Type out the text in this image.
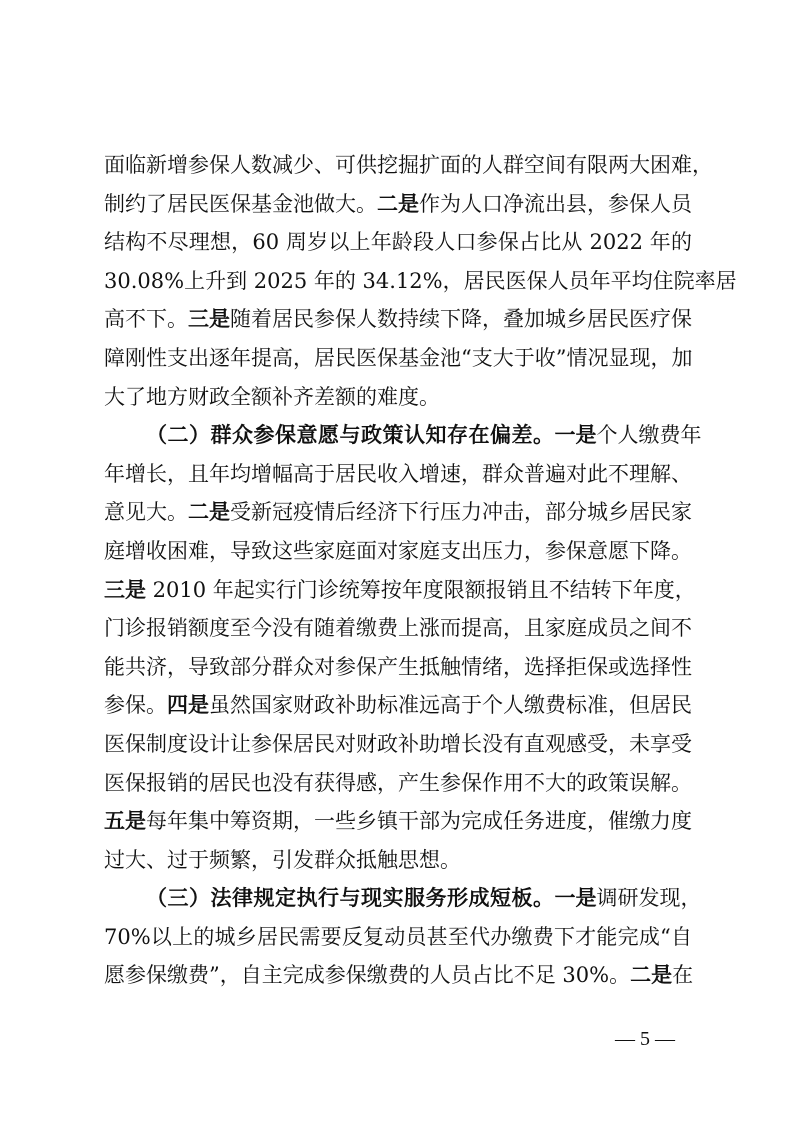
面临新增参保人数减少、可供挖掘扩面的人群空间有限两大困难，
制约了居民医保基金池做大。二是作为人口净流出县，参保人员
结构不尽理想，60 周岁以上年龄段人口参保占比从 2022 年的
30.08%上升到 2025 年的 34.12%，居民医保人员年平均住院率居
高不下。三是随着居民参保人数持续下降，叠加城乡居民医疗保
障刚性支出逐年提高，居民医保基金池“支大于收”情况显现，加
大了地方财政全额补齐差额的难度。
（二）群众参保意愿与政策认知存在偏差。一是个人缴费年
年增长，且年均增幅高于居民收入增速，群众普遍对此不理解、
意见大。二是受新冠疫情后经济下行压力冲击，部分城乡居民家
庭增收困难，导致这些家庭面对家庭支出压力，参保意愿下降。
三是 2010 年起实行门诊统筹按年度限额报销且不结转下年度，
门诊报销额度至今没有随着缴费上涨而提高，且家庭成员之间不
能共济，导致部分群众对参保产生抵触情绪，选择拒保或选择性
参保。四是虽然国家财政补助标准远高于个人缴费标准，但居民
医保制度设计让参保居民对财政补助增长没有直观感受，未享受
医保报销的居民也没有获得感，产生参保作用不大的政策误解。
五是每年集中筹资期，一些乡镇干部为完成任务进度，催缴力度
过大、过于频繁，引发群众抵触思想。
（三）法律规定执行与现实服务形成短板。一是调研发现，
70%以上的城乡居民需要反复动员甚至代办缴费下才能完成“自
愿参保缴费”，自主完成参保缴费的人员占比不足 30%。二是在
— 5 —
